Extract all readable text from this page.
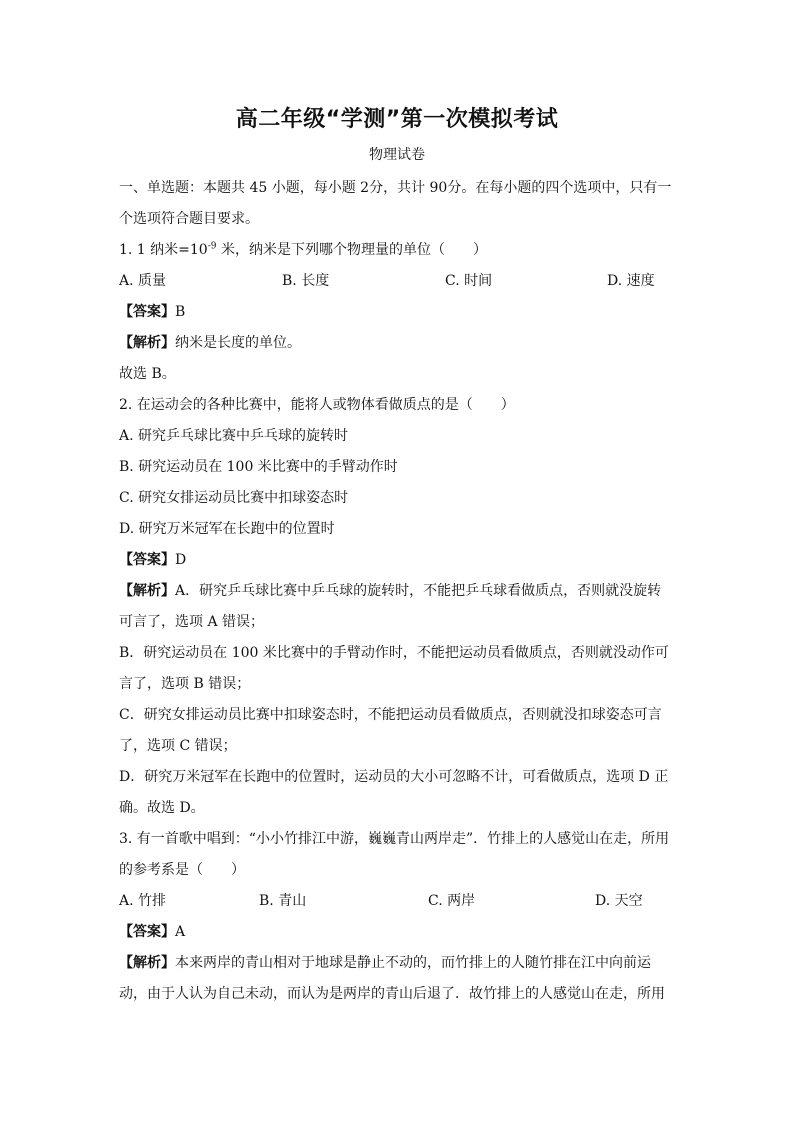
高二年级“学测”第一次模拟考试
物理试卷
一、单选题：本题共 45 小题，每小题 2分，共计 90分。在每小题的四个选项中，只有一
个选项符合题目要求。
1. 1 纳米$=10^{-9}$ 米，纳米是下列哪个物理量的单位（　　）
A. 质量	B. 长度	C. 时间	D. 速度
【答案】B
【解析】纳米是长度的单位。
故选 B。
2. 在运动会的各种比赛中，能将人或物体看做质点的是（　　）
A. 研究乒乓球比赛中乒乓球的旋转时
B. 研究运动员在 100 米比赛中的手臂动作时
C. 研究女排运动员比赛中扣球姿态时
D. 研究万米冠军在长跑中的位置时
【答案】D
【解析】A．研究乒乓球比赛中乒乓球的旋转时，不能把乒乓球看做质点，否则就没旋转
可言了，选项 A 错误；
B．研究运动员在 100 米比赛中的手臂动作时，不能把运动员看做质点，否则就没动作可
言了，选项 B 错误；
C．研究女排运动员比赛中扣球姿态时，不能把运动员看做质点，否则就没扣球姿态可言
了，选项 C 错误；
D．研究万米冠军在长跑中的位置时，运动员的大小可忽略不计，可看做质点，选项 D 正
确。故选 D。
3. 有一首歌中唱到：“小小竹排江中游，巍巍青山两岸走”．竹排上的人感觉山在走，所用
的参考系是（　　）
A. 竹排	B. 青山	C. 两岸	D. 天空
【答案】A
【解析】本来两岸的青山相对于地球是静止不动的，而竹排上的人随竹排在江中向前运
动，由于人认为自己未动，而认为是两岸的青山后退了．故竹排上的人感觉山在走，所用
